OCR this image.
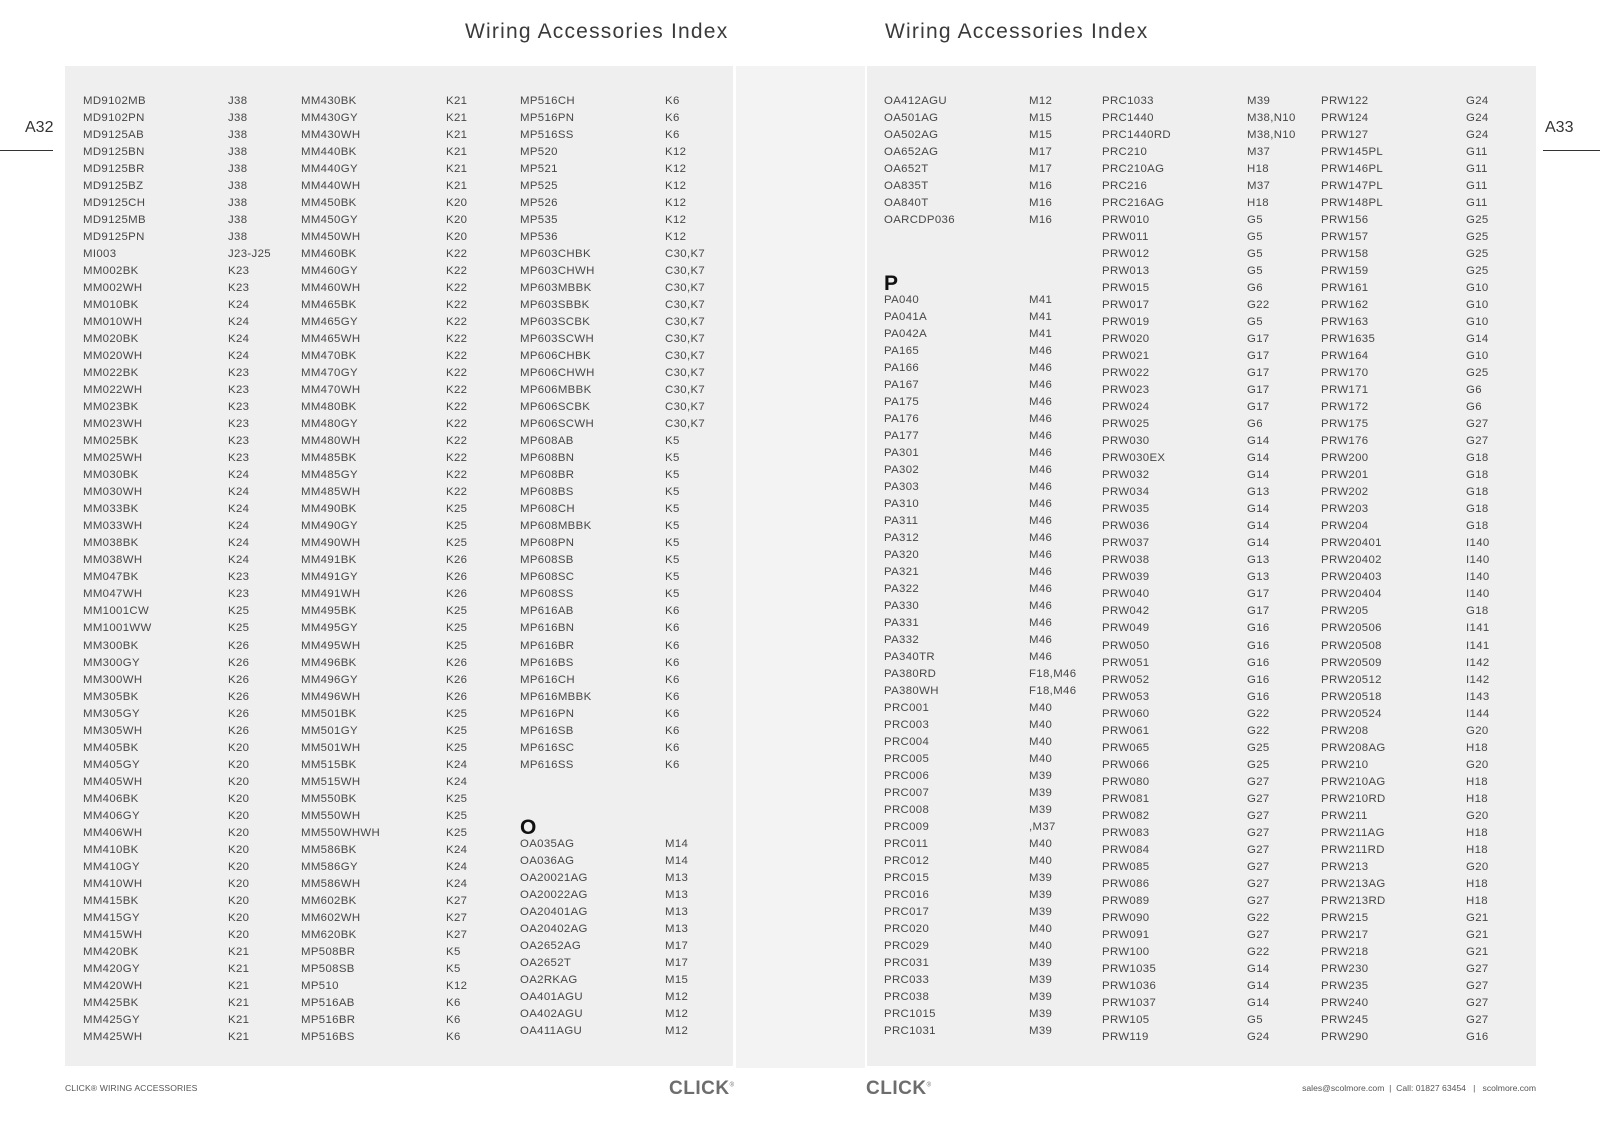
Wiring Accessories Index	Wiring Accessories Index
A32	A33
MD9102MB	J38
MD9102PN	J38
MD9125AB	J38
MD9125BN	J38
MD9125BR	J38
MD9125BZ	J38
MD9125CH	J38
MD9125MB	J38
MD9125PN	J38
MI003	J23-J25
MM002BK	K23
MM002WH	K23
MM010BK	K24
MM010WH	K24
MM020BK	K24
MM020WH	K24
MM022BK	K23
MM022WH	K23
MM023BK	K23
MM023WH	K23
MM025BK	K23
MM025WH	K23
MM030BK	K24
MM030WH	K24
MM033BK	K24
MM033WH	K24
MM038BK	K24
MM038WH	K24
MM047BK	K23
MM047WH	K23
MM1001CW	K25
MM1001WW	K25
MM300BK	K26
MM300GY	K26
MM300WH	K26
MM305BK	K26
MM305GY	K26
MM305WH	K26
MM405BK	K20
MM405GY	K20
MM405WH	K20
MM406BK	K20
MM406GY	K20
MM406WH	K20
MM410BK	K20
MM410GY	K20
MM410WH	K20
MM415BK	K20
MM415GY	K20
MM415WH	K20
MM420BK	K21
MM420GY	K21
MM420WH	K21
MM425BK	K21
MM425GY	K21
MM425WH	K21
MM430BK	K21
MM430GY	K21
MM430WH	K21
MM440BK	K21
MM440GY	K21
MM440WH	K21
MM450BK	K20
MM450GY	K20
MM450WH	K20
MM460BK	K22
MM460GY	K22
MM460WH	K22
MM465BK	K22
MM465GY	K22
MM465WH	K22
MM470BK	K22
MM470GY	K22
MM470WH	K22
MM480BK	K22
MM480GY	K22
MM480WH	K22
MM485BK	K22
MM485GY	K22
MM485WH	K22
MM490BK	K25
MM490GY	K25
MM490WH	K25
MM491BK	K26
MM491GY	K26
MM491WH	K26
MM495BK	K25
MM495GY	K25
MM495WH	K25
MM496BK	K26
MM496GY	K26
MM496WH	K26
MM501BK	K25
MM501GY	K25
MM501WH	K25
MM515BK	K24
MM515WH	K24
MM550BK	K25
MM550WH	K25
MM550WHWH	K25
MM586BK	K24
MM586GY	K24
MM586WH	K24
MM602BK	K27
MM602WH	K27
MM620BK	K27
MP508BR	K5
MP508SB	K5
MP510	K12
MP516AB	K6
MP516BR	K6
MP516BS	K6
MP516CH	K6
MP516PN	K6
MP516SS	K6
MP520	K12
MP521	K12
MP525	K12
MP526	K12
MP535	K12
MP536	K12
MP603CHBK	C30,K7
MP603CHWH	C30,K7
MP603MBBK	C30,K7
MP603SBBK	C30,K7
MP603SCBK	C30,K7
MP603SCWH	C30,K7
MP606CHBK	C30,K7
MP606CHWH	C30,K7
MP606MBBK	C30,K7
MP606SCBK	C30,K7
MP606SCWH	C30,K7
MP608AB	K5
MP608BN	K5
MP608BR	K5
MP608BS	K5
MP608CH	K5
MP608MBBK	K5
MP608PN	K5
MP608SB	K5
MP608SC	K5
MP608SS	K5
MP616AB	K6
MP616BN	K6
MP616BR	K6
MP616BS	K6
MP616CH	K6
MP616MBBK	K6
MP616PN	K6
MP616SB	K6
MP616SC	K6
MP616SS	K6
O
OA035AG	M14
OA036AG	M14
OA20021AG	M13
OA20022AG	M13
OA20401AG	M13
OA20402AG	M13
OA2652AG	M17
OA2652T	M17
OA2RKAG	M15
OA401AGU	M12
OA402AGU	M12
OA411AGU	M12
OA412AGU	M12
OA501AG	M15
OA502AG	M15
OA652AG	M17
OA652T	M17
OA835T	M16
OA840T	M16
OARCDP036	M16
P
PA040	M41
PA041A	M41
PA042A	M41
PA165	M46
PA166	M46
PA167	M46
PA175	M46
PA176	M46
PA177	M46
PA301	M46
PA302	M46
PA303	M46
PA310	M46
PA311	M46
PA312	M46
PA320	M46
PA321	M46
PA322	M46
PA330	M46
PA331	M46
PA332	M46
PA340TR	M46
PA380RD	F18,M46
PA380WH	F18,M46
PRC001	M40
PRC003	M40
PRC004	M40
PRC005	M40
PRC006	M39
PRC007	M39
PRC008	M39
PRC009	,M37
PRC011	M40
PRC012	M40
PRC015	M39
PRC016	M39
PRC017	M39
PRC020	M40
PRC029	M40
PRC031	M39
PRC033	M39
PRC038	M39
PRC1015	M39
PRC1031	M39
PRC1033	M39
PRC1440	M38,N10
PRC1440RD	M38,N10
PRC210	M37
PRC210AG	H18
PRC216	M37
PRC216AG	H18
PRW010	G5
PRW011	G5
PRW012	G5
PRW013	G5
PRW015	G6
PRW017	G22
PRW019	G5
PRW020	G17
PRW021	G17
PRW022	G17
PRW023	G17
PRW024	G17
PRW025	G6
PRW030	G14
PRW030EX	G14
PRW032	G14
PRW034	G13
PRW035	G14
PRW036	G14
PRW037	G14
PRW038	G13
PRW039	G13
PRW040	G17
PRW042	G17
PRW049	G16
PRW050	G16
PRW051	G16
PRW052	G16
PRW053	G16
PRW060	G22
PRW061	G22
PRW065	G25
PRW066	G25
PRW080	G27
PRW081	G27
PRW082	G27
PRW083	G27
PRW084	G27
PRW085	G27
PRW086	G27
PRW089	G27
PRW090	G22
PRW091	G27
PRW100	G22
PRW1035	G14
PRW1036	G14
PRW1037	G14
PRW105	G5
PRW119	G24
PRW122	G24
PRW124	G24
PRW127	G24
PRW145PL	G11
PRW146PL	G11
PRW147PL	G11
PRW148PL	G11
PRW156	G25
PRW157	G25
PRW158	G25
PRW159	G25
PRW161	G10
PRW162	G10
PRW163	G10
PRW1635	G14
PRW164	G10
PRW170	G25
PRW171	G6
PRW172	G6
PRW175	G27
PRW176	G27
PRW200	G18
PRW201	G18
PRW202	G18
PRW203	G18
PRW204	G18
PRW20401	I140
PRW20402	I140
PRW20403	I140
PRW20404	I140
PRW205	G18
PRW20506	I141
PRW20508	I141
PRW20509	I142
PRW20512	I142
PRW20518	I143
PRW20524	I144
PRW208	G20
PRW208AG	H18
PRW210	G20
PRW210AG	H18
PRW210RD	H18
PRW211	G20
PRW211AG	H18
PRW211RD	H18
PRW213	G20
PRW213AG	H18
PRW213RD	H18
PRW215	G21
PRW217	G21
PRW218	G21
PRW230	G27
PRW235	G27
PRW240	G27
PRW245	G27
PRW290	G16
CLICK® WIRING ACCESSORIES	CLICK®	CLICK®	sales@scolmore.com | Call: 01827 63454 | scolmore.com
